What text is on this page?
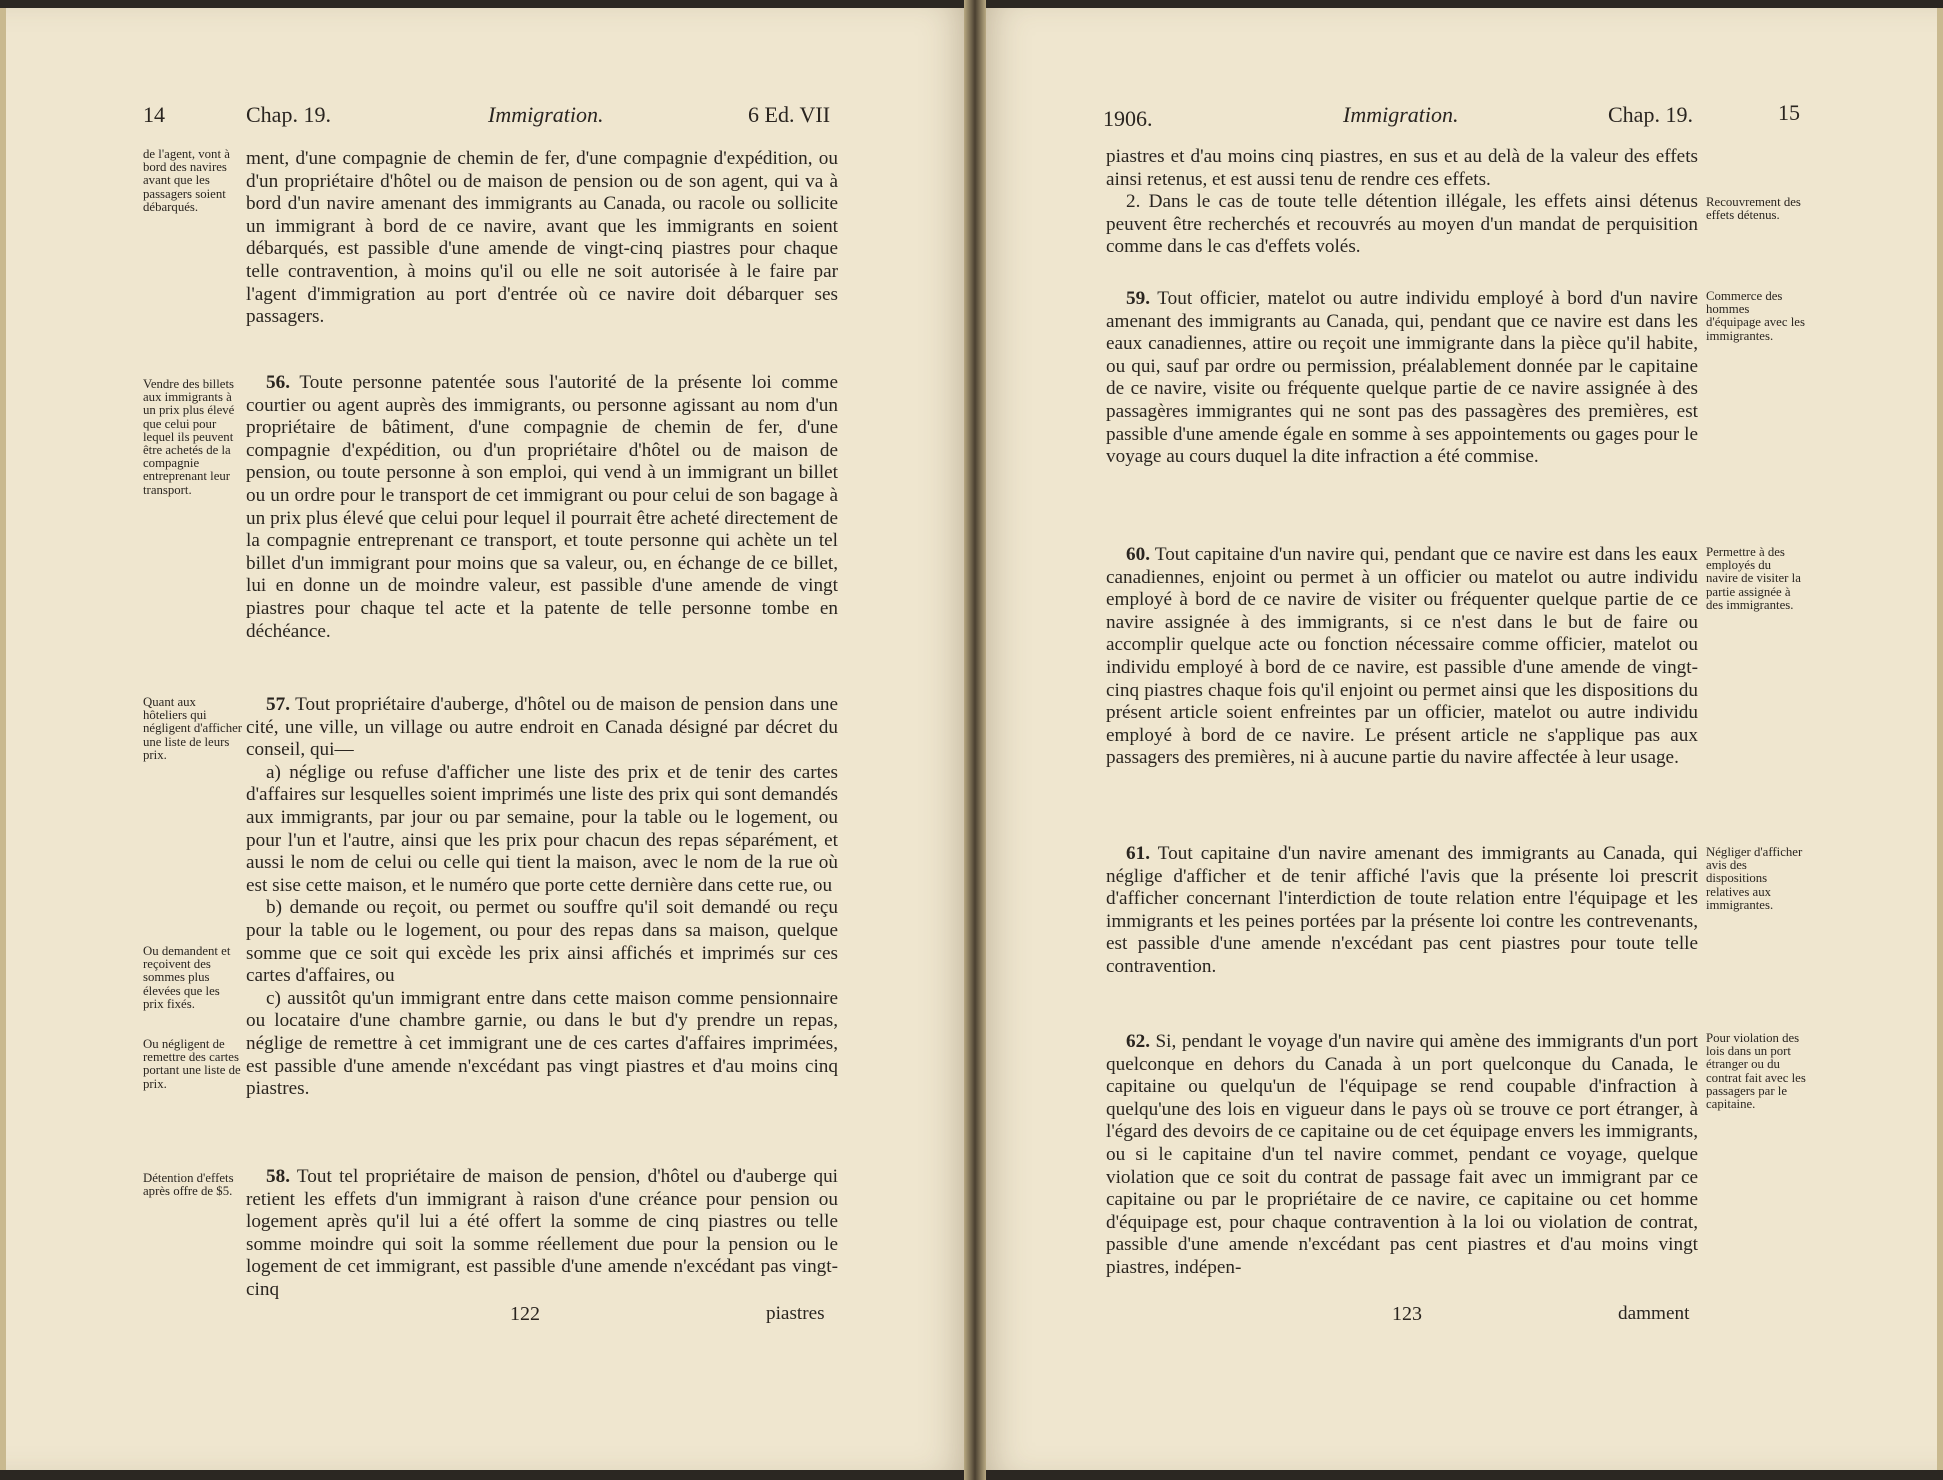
14	Chap. 19.	Immigration.	6 Ed. VII

ment, d'une compagnie de chemin de fer, d'une compagnie d'expédition, ou d'un propriétaire d'hôtel ou de maison de pension ou de son agent, qui va à bord d'un navire amenant des immigrants au Canada, ou racole ou sollicite un immigrant à bord de ce navire, avant que les immigrants en soient débarqués, est passible d'une amende de vingt-cinq piastres pour chaque telle contravention, à moins qu'il ou elle ne soit autorisée à le faire par l'agent d'immigration au port d'entrée où ce navire doit débarquer ses passagers.

56. Toute personne patentée sous l'autorité de la présente loi comme courtier ou agent auprès des immigrants, ou personne agissant au nom d'un propriétaire de bâtiment, d'une compagnie de chemin de fer, d'une compagnie d'expédition, ou d'un propriétaire d'hôtel ou de maison de pension, ou toute personne à son emploi, qui vend à un immigrant un billet ou un ordre pour le transport de cet immigrant ou pour celui de son bagage à un prix plus élevé que celui pour lequel il pourrait être acheté directement de la compagnie entreprenant ce transport, et toute personne qui achète un tel billet d'un immigrant pour moins que sa valeur, ou, en échange de ce billet, lui en donne un de moindre valeur, est passible d'une amende de vingt piastres pour chaque tel acte et la patente de telle personne tombe en déchéance.

57. Tout propriétaire d'auberge, d'hôtel ou de maison de pension dans une cité, une ville, un village ou autre endroit en Canada désigné par décret du conseil, qui—

a) néglige ou refuse d'afficher une liste des prix et de tenir des cartes d'affaires sur lesquelles soient imprimés une liste des prix qui sont demandés aux immigrants, par jour ou par semaine, pour la table ou le logement, ou pour l'un et l'autre, ainsi que les prix pour chacun des repas séparément, et aussi le nom de celui ou celle qui tient la maison, avec le nom de la rue où est sise cette maison, et le numéro que porte cette dernière dans cette rue, ou

b) demande ou reçoit, ou permet ou souffre qu'il soit demandé ou reçu pour la table ou le logement, ou pour des repas dans sa maison, quelque somme que ce soit qui excède les prix ainsi affichés et imprimés sur ces cartes d'affaires, ou

c) aussitôt qu'un immigrant entre dans cette maison comme pensionnaire ou locataire d'une chambre garnie, ou dans le but d'y prendre un repas, néglige de remettre à cet immigrant une de ces cartes d'affaires imprimées, est passible d'une amende n'excédant pas vingt piastres et d'au moins cinq piastres.

58. Tout tel propriétaire de maison de pension, d'hôtel ou d'auberge qui retient les effets d'un immigrant à raison d'une créance pour pension ou logement après qu'il lui a été offert la somme de cinq piastres ou telle somme moindre qui soit la somme réellement due pour la pension ou le logement de cet immigrant, est passible d'une amende n'excédant pas vingt-cinq

122	piastres
de l'agent, vont à bord des navires avant que les passagers soient débarqués.
Vendre des billets aux immigrants à un prix plus élevé que celui pour lequel ils peuvent être achetés de la compagnie entreprenant leur transport.
Quant aux hôteliers qui négligent d'afficher une liste de leurs prix.
Ou demandent et reçoivent des sommes plus élevées que les prix fixés.
Ou négligent de remettre des cartes portant une liste de prix.
Détention d'effets après offre de $5.
1906.	Immigration.	Chap. 19.	15

piastres et d'au moins cinq piastres, en sus et au delà de la valeur des effets ainsi retenus, et est aussi tenu de rendre ces effets.

2. Dans le cas de toute telle détention illégale, les effets ainsi détenus peuvent être recherchés et recouvrés au moyen d'un mandat de perquisition comme dans le cas d'effets volés.

59. Tout officier, matelot ou autre individu employé à bord d'un navire amenant des immigrants au Canada, qui, pendant que ce navire est dans les eaux canadiennes, attire ou reçoit une immigrante dans la pièce qu'il habite, ou qui, sauf par ordre ou permission, préalablement donnée par le capitaine de ce navire, visite ou fréquente quelque partie de ce navire assignée à des passagères immigrantes qui ne sont pas des passagères des premières, est passible d'une amende égale en somme à ses appointements ou gages pour le voyage au cours duquel la dite infraction a été commise.

60. Tout capitaine d'un navire qui, pendant que ce navire est dans les eaux canadiennes, enjoint ou permet à un officier ou matelot ou autre individu employé à bord de ce navire de visiter ou fréquenter quelque partie de ce navire assignée à des immigrants, si ce n'est dans le but de faire ou accomplir quelque acte ou fonction nécessaire comme officier, matelot ou individu employé à bord de ce navire, est passible d'une amende de vingt-cinq piastres chaque fois qu'il enjoint ou permet ainsi que les dispositions du présent article soient enfreintes par un officier, matelot ou autre individu employé à bord de ce navire. Le présent article ne s'applique pas aux passagers des premières, ni à aucune partie du navire affectée à leur usage.

61. Tout capitaine d'un navire amenant des immigrants au Canada, qui néglige d'afficher et de tenir affiché l'avis que la présente loi prescrit d'afficher concernant l'interdiction de toute relation entre l'équipage et les immigrants et les peines portées par la présente loi contre les contrevenants, est passible d'une amende n'excédant pas cent piastres pour toute telle contravention.

62. Si, pendant le voyage d'un navire qui amène des immigrants d'un port quelconque en dehors du Canada à un port quelconque du Canada, le capitaine ou quelqu'un de l'équipage se rend coupable d'infraction à quelqu'une des lois en vigueur dans le pays où se trouve ce port étranger, à l'égard des devoirs de ce capitaine ou de cet équipage envers les immigrants, ou si le capitaine d'un tel navire commet, pendant ce voyage, quelque violation que ce soit du contrat de passage fait avec un immigrant par ce capitaine ou par le propriétaire de ce navire, ce capitaine ou cet homme d'équipage est, pour chaque contravention à la loi ou violation de contrat, passible d'une amende n'excédant pas cent piastres et d'au moins vingt piastres, indépen-

123	damment
Recouvrement des effets détenus.
Commerce des hommes d'équipage avec les immigrantes.
Permettre à des employés du navire de visiter la partie assignée à des immigrantes.
Négliger d'afficher avis des dispositions relatives aux immigrantes.
Pour violation des lois dans un port étranger ou du contrat fait avec les passagers par le capitaine.
